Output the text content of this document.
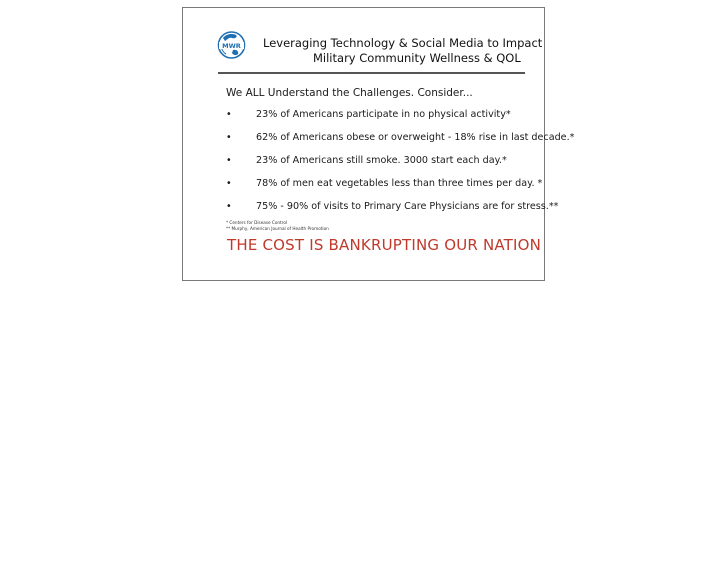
MWR Leveraging Technology & Social Media to Impact
Military Community Wellness & QOL
We ALL Understand the Challenges. Consider...
•	23% of Americans participate in no physical activity*
•	62% of Americans obese or overweight - 18% rise in last decade.*
•	23% of Americans still smoke. 3000 start each day.*
•	78% of men eat vegetables less than three times per day. *
•	75% - 90% of visits to Primary Care Physicians are for stress.**
* Centers for Disease Control
** Murphy, American Journal of Health Promotion
THE COST IS BANKRUPTING OUR NATION
